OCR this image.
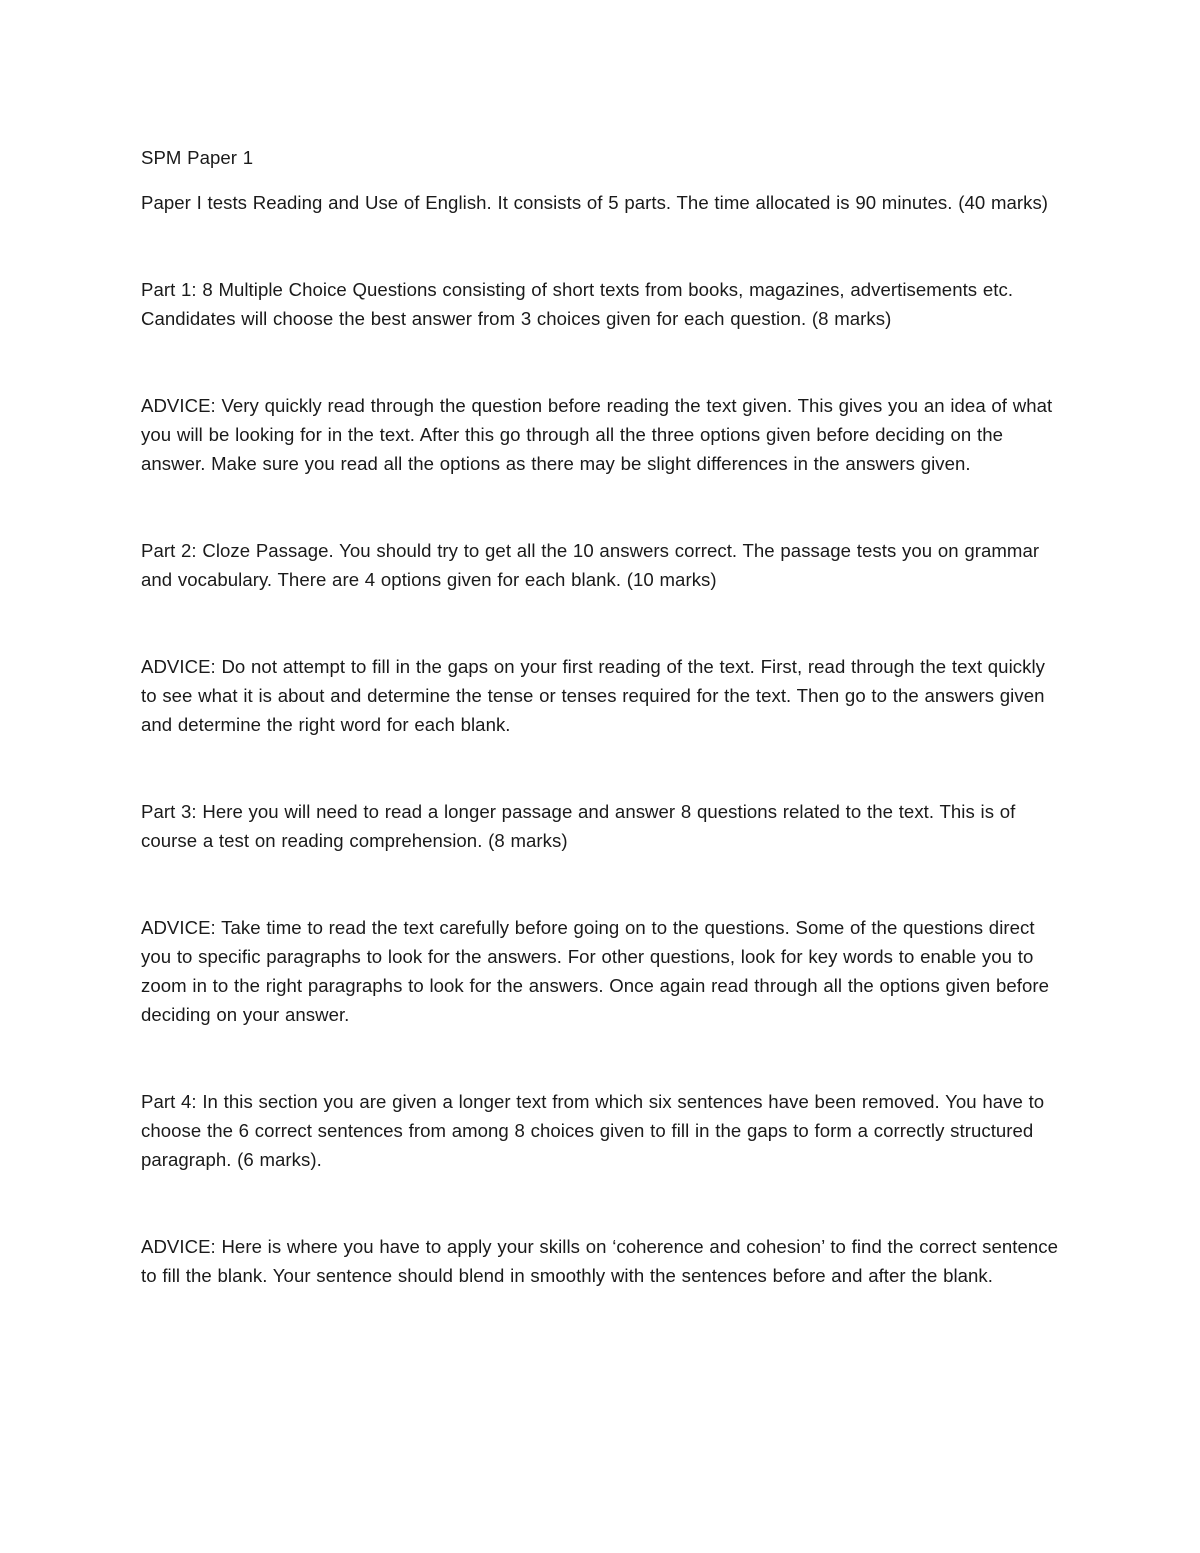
SPM Paper 1

Paper I tests Reading and Use of English. It consists of 5 parts. The time allocated is 90 minutes. (40 marks)

Part 1: 8 Multiple Choice Questions consisting of short texts from books, magazines, advertisements etc. Candidates will choose the best answer from 3 choices given for each question. (8 marks)

ADVICE: Very quickly read through the question before reading the text given. This gives you an idea of what you will be looking for in the text. After this go through all the three options given before deciding on the answer. Make sure you read all the options as there may be slight differences in the answers given.

Part 2: Cloze Passage. You should try to get all the 10 answers correct. The passage tests you on grammar and vocabulary. There are 4 options given for each blank. (10 marks)

ADVICE: Do not attempt to fill in the gaps on your first reading of the text. First, read through the text quickly to see what it is about and determine the tense or tenses required for the text. Then go to the answers given and determine the right word for each blank.

Part 3: Here you will need to read a longer passage and answer 8 questions related to the text. This is of course a test on reading comprehension. (8 marks)

ADVICE: Take time to read the text carefully before going on to the questions. Some of the questions direct you to specific paragraphs to look for the answers. For other questions, look for key words to enable you to zoom in to the right paragraphs to look for the answers. Once again read through all the options given before deciding on your answer.

Part 4: In this section you are given a longer text from which six sentences have been removed. You have to choose the 6 correct sentences from among 8 choices given to fill in the gaps to form a correctly structured paragraph. (6 marks).

ADVICE: Here is where you have to apply your skills on ‘coherence and cohesion’ to find the correct sentence to fill the blank. Your sentence should blend in smoothly with the sentences before and after the blank.
